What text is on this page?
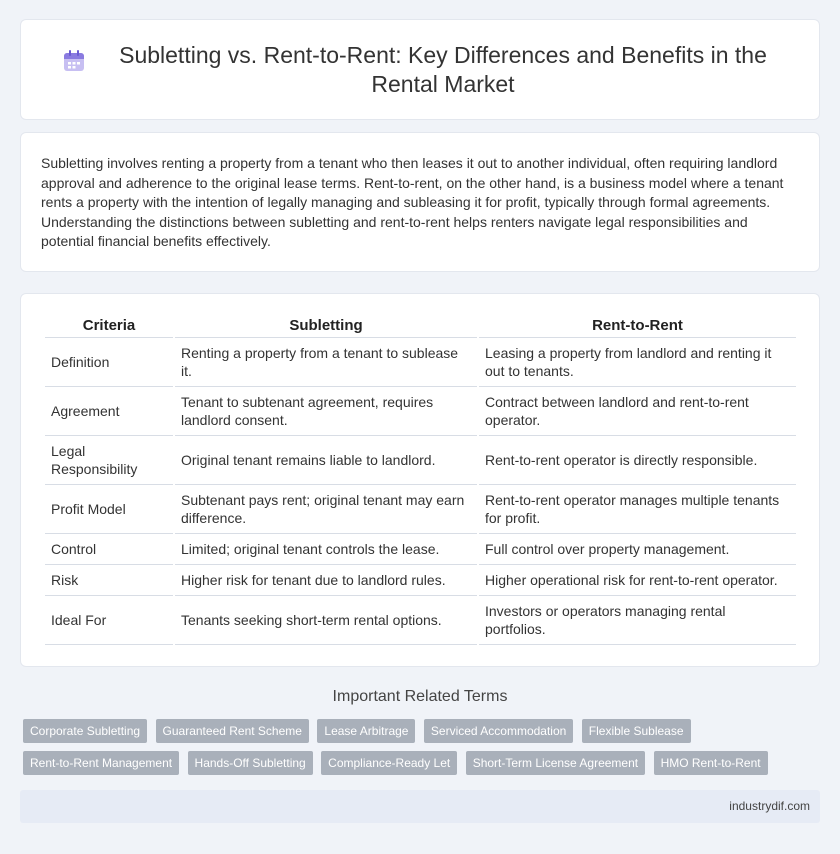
Subletting vs. Rent-to-Rent: Key Differences and Benefits in the Rental Market

Subletting involves renting a property from a tenant who then leases it out to another individual, often requiring landlord approval and adherence to the original lease terms. Rent-to-rent, on the other hand, is a business model where a tenant rents a property with the intention of legally managing and subleasing it for profit, typically through formal agreements. Understanding the distinctions between subletting and rent-to-rent helps renters navigate legal responsibilities and potential financial benefits effectively.

Criteria	Subletting	Rent-to-Rent
Definition	Renting a property from a tenant to sublease it.	Leasing a property from landlord and renting it out to tenants.
Agreement	Tenant to subtenant agreement, requires landlord consent.	Contract between landlord and rent-to-rent operator.
Legal Responsibility	Original tenant remains liable to landlord.	Rent-to-rent operator is directly responsible.
Profit Model	Subtenant pays rent; original tenant may earn difference.	Rent-to-rent operator manages multiple tenants for profit.
Control	Limited; original tenant controls the lease.	Full control over property management.
Risk	Higher risk for tenant due to landlord rules.	Higher operational risk for rent-to-rent operator.
Ideal For	Tenants seeking short-term rental options.	Investors or operators managing rental portfolios.
Important Related Terms
Corporate Subletting Guaranteed Rent Scheme Lease Arbitrage Serviced Accommodation Flexible Sublease Rent-to-Rent Management Hands-Off Subletting Compliance-Ready Let Short-Term License Agreement HMO Rent-to-Rent
industrydif.com
